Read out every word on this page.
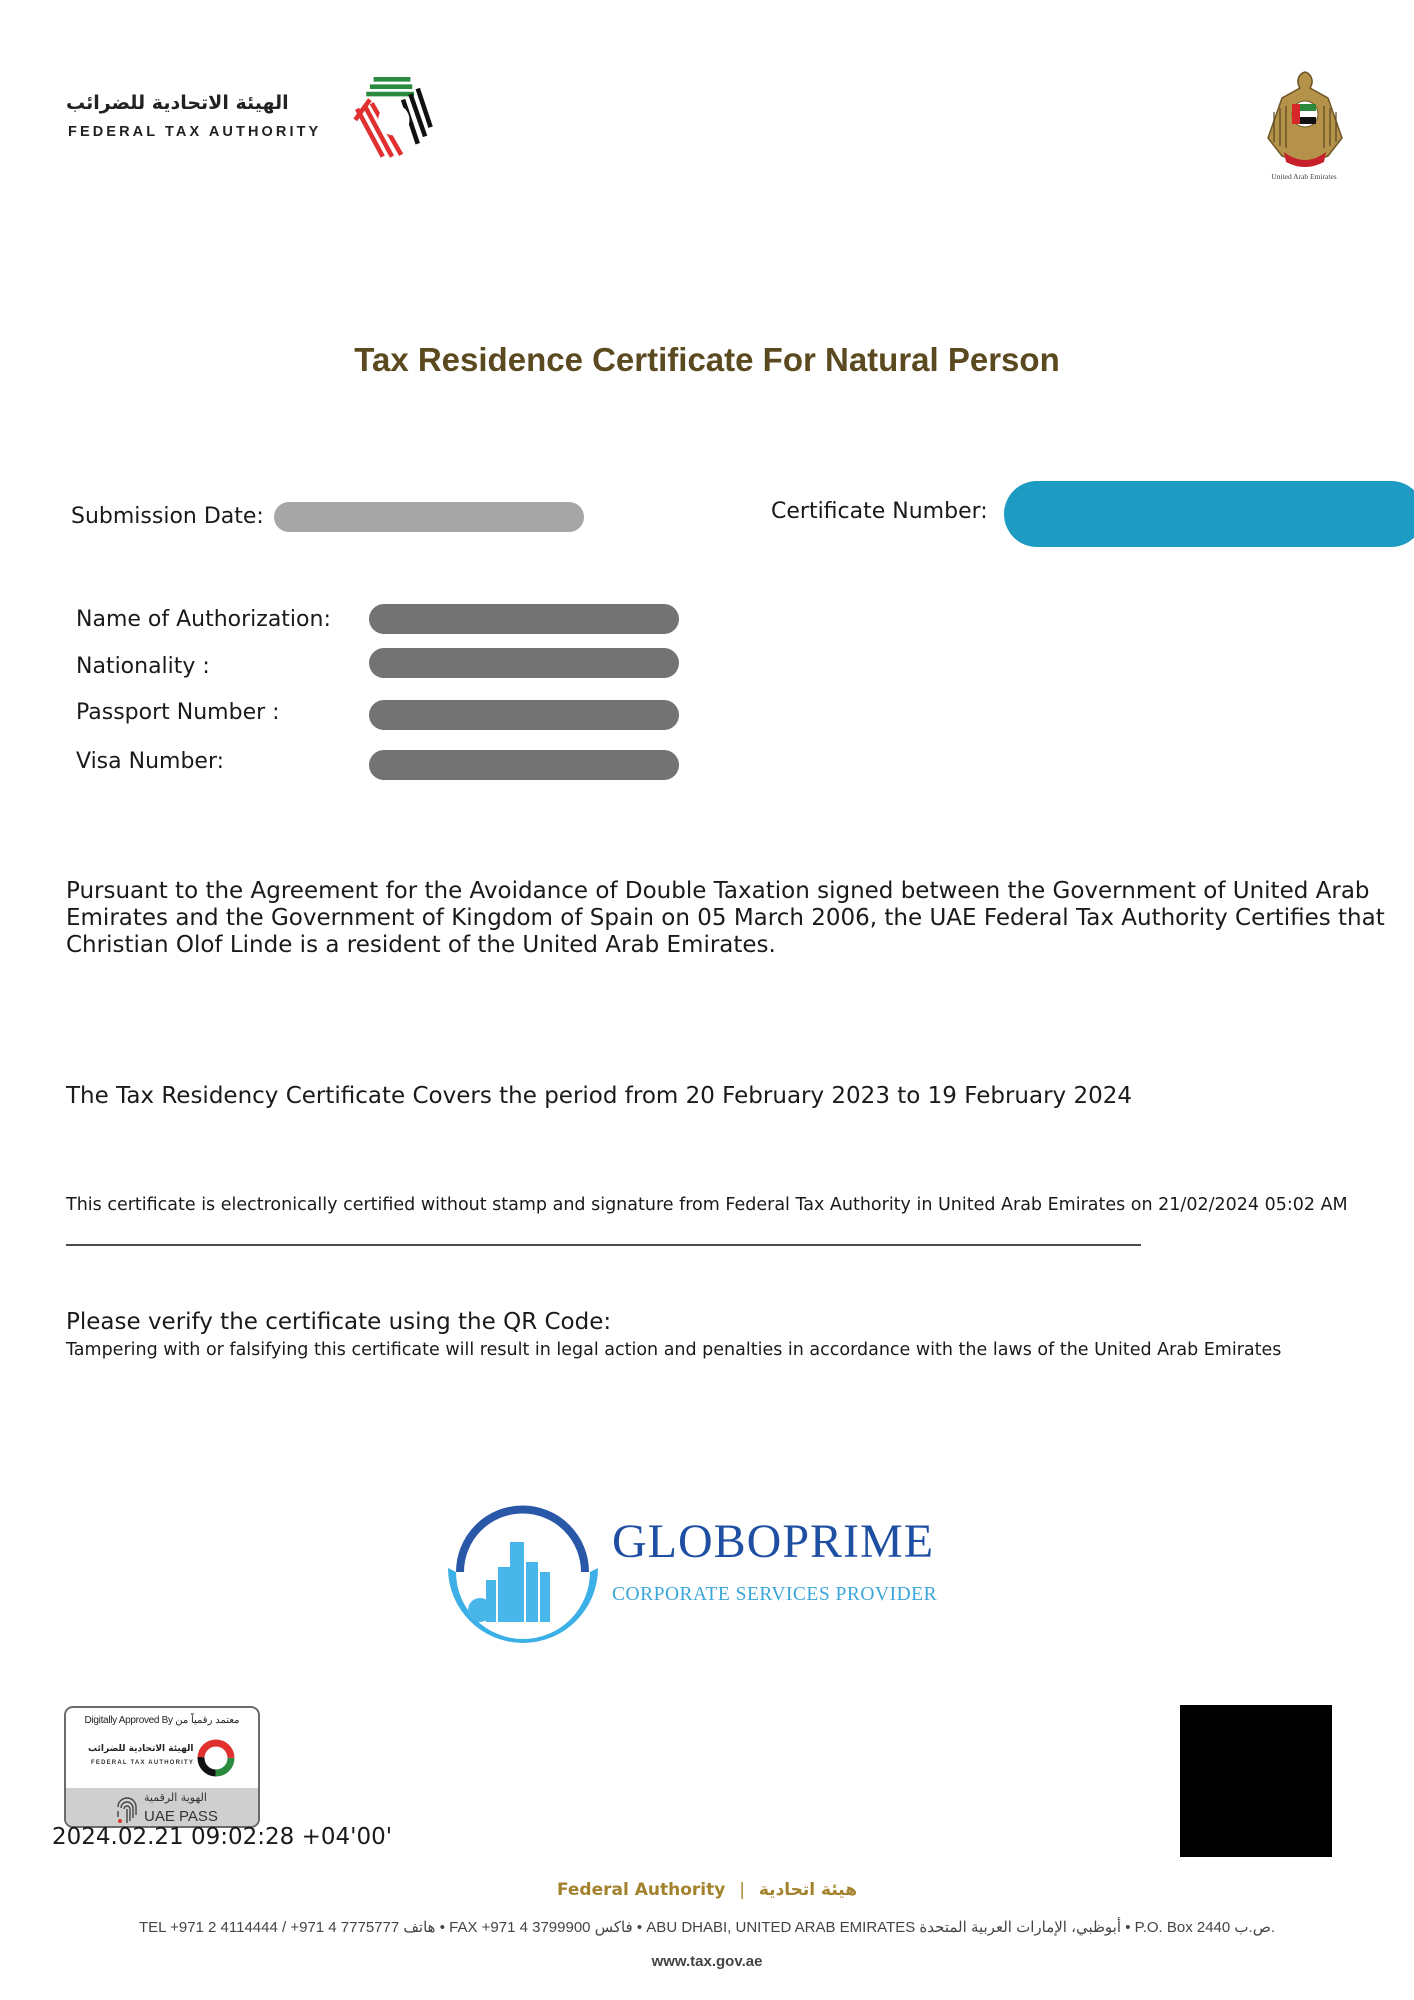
الهيئة الاتحادية للضرائب
FEDERAL TAX AUTHORITY
United Arab Emirates
Tax Residence Certificate For Natural Person
Submission Date:	Certificate Number:
Name of Authorization:
Nationality :
Passport Number :
Visa Number:
Pursuant to the Agreement for the Avoidance of Double Taxation signed between the Government of United Arab
Emirates and the Government of Kingdom of Spain on 05 March 2006, the UAE Federal Tax Authority Certifies that
Christian Olof Linde is a resident of the United Arab Emirates.
The Tax Residency Certificate Covers the period from 20 February 2023 to 19 February 2024
This certificate is electronically certified without stamp and signature from Federal Tax Authority in United Arab Emirates on 21/02/2024 05:02 AM
Please verify the certificate using the QR Code:
Tampering with or falsifying this certificate will result in legal action and penalties in accordance with the laws of the United Arab Emirates
GLOBOPRIME
CORPORATE SERVICES PROVIDER
Digitally Approved By معتمد رقمياً من
الهيئة الاتحادية للضرائب
FEDERAL TAX AUTHORITY
الهوية الرقمية
UAE PASS
2024.02.21 09:02:28 +04'00'
Federal Authority | هيئة اتحادية
TEL +971 2 4114444 / +971 4 7775777 هاتف • FAX +971 4 3799900 فاكس • ABU DHABI, UNITED ARAB EMIRATES أبوظبي، الإمارات العربية المتحدة • P.O. Box 2440 ص.ب.
www.tax.gov.ae
